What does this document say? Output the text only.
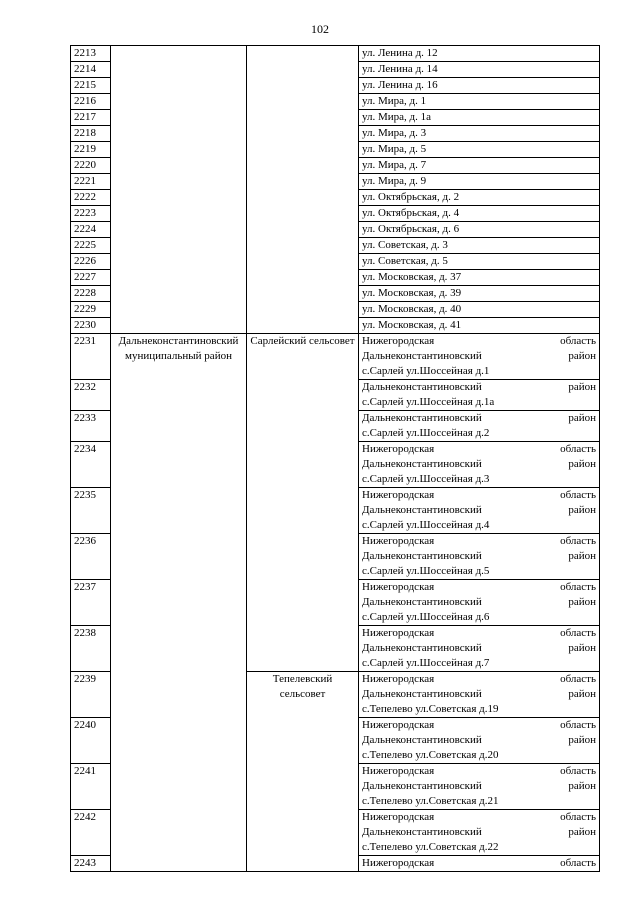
102
2213			ул. Ленина д. 12
2214			ул. Ленина д. 14
2215			ул. Ленина д. 16
2216			ул. Мира, д. 1
2217			ул. Мира, д. 1а
2218			ул. Мира, д. 3
2219			ул. Мира, д. 5
2220			ул. Мира, д. 7
2221			ул. Мира, д. 9
2222			ул. Октябрьская, д. 2
2223			ул. Октябрьская, д. 4
2224			ул. Октябрьская, д. 6
2225			ул. Советская, д. 3
2226			ул. Советская, д. 5
2227			ул. Московская, д. 37
2228			ул. Московская, д. 39
2229			ул. Московская, д. 40
2230			ул. Московская, д. 41
2231	Дальнеконстантиновский муниципальный район	Сарлейский сельсовет	Нижегородская область
Дальнеконстантиновский район
с.Сарлей ул.Шоссейная д.1

2232			Дальнеконстантиновский район
с.Сарлей ул.Шоссейная д.1а

2233			Дальнеконстантиновский район
с.Сарлей ул.Шоссейная д.2

2234			Нижегородская область
Дальнеконстантиновский район
с.Сарлей ул.Шоссейная д.3

2235			Нижегородская область
Дальнеконстантиновский район
с.Сарлей ул.Шоссейная д.4

2236			Нижегородская область
Дальнеконстантиновский район
с.Сарлей ул.Шоссейная д.5

2237			Нижегородская область
Дальнеконстантиновский район
с.Сарлей ул.Шоссейная д.6

2238			Нижегородская область
Дальнеконстантиновский район
с.Сарлей ул.Шоссейная д.7

2239		Тепелевский сельсовет	Нижегородская область
Дальнеконстантиновский район
с.Тепелево ул.Советская д.19

2240			Нижегородская область
Дальнеконстантиновский район
с.Тепелево ул.Советская д.20

2241			Нижегородская область
Дальнеконстантиновский район
с.Тепелево ул.Советская д.21

2242			Нижегородская область
Дальнеконстантиновский район
с.Тепелево ул.Советская д.22

2243			Нижегородская область
